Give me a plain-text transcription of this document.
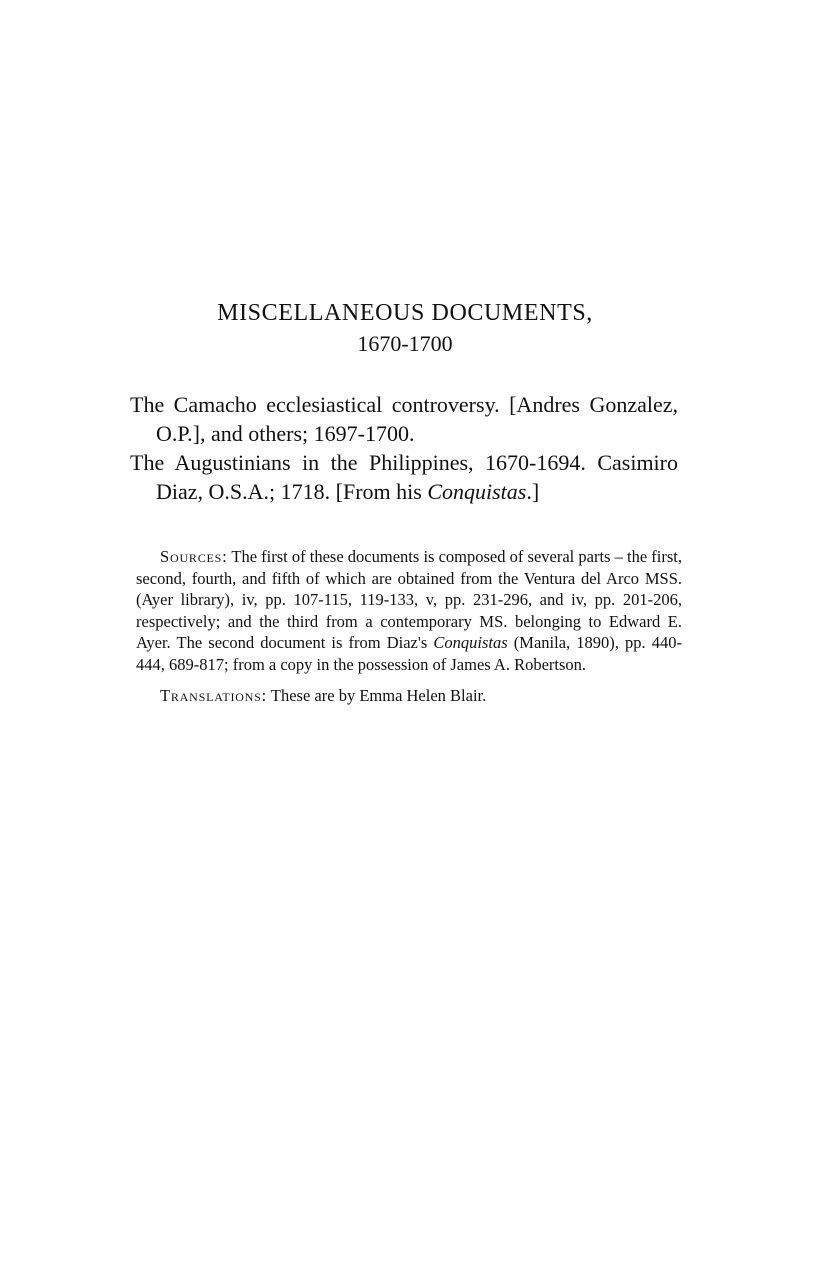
MISCELLANEOUS DOCUMENTS,
1670-1700

The Camacho ecclesiastical controversy. [Andres Gonzalez, O.P.], and others; 1697-1700.

The Augustinians in the Philippines, 1670-1694. Casimiro Diaz, O.S.A.; 1718. [From his Conquistas.]

Sources: The first of these documents is composed of several parts – the first, second, fourth, and fifth of which are obtained from the Ventura del Arco MSS. (Ayer library), iv, pp. 107-115, 119-133, v, pp. 231-296, and iv, pp. 201-206, respectively; and the third from a contemporary MS. belonging to Edward E. Ayer. The second document is from Diaz's Conquistas (Manila, 1890), pp. 440-444, 689-817; from a copy in the possession of James A. Robertson.

Translations: These are by Emma Helen Blair.
